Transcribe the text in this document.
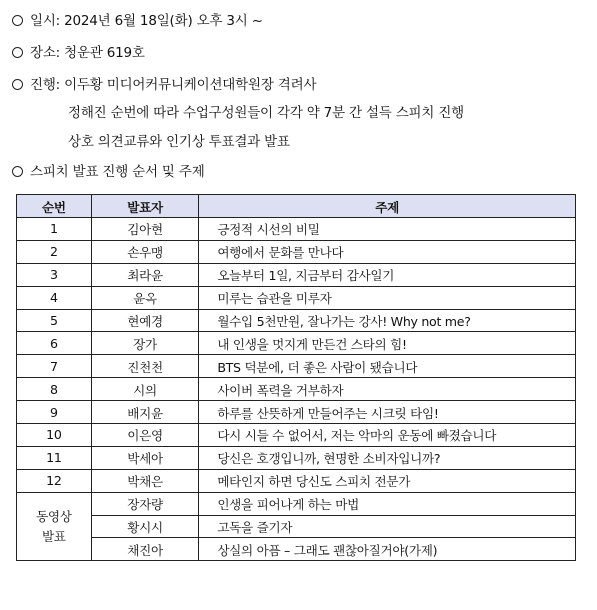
일시: 2024년 6월 18일(화) 오후 3시 ~
장소: 청운관 619호
진행: 이두황 미디어커뮤니케이션대학원장 격려사
정해진 순번에 따라 수업구성원들이 각각 약 7분 간 설득 스피치 진행
상호 의견교류와 인기상 투표결과 발표
스피치 발표 진행 순서 및 주제
순번	발표자	주제
1	김아현	긍정적 시선의 비밀
2	손우맹	여행에서 문화를 만나다
3	최라윤	오늘부터 1일, 지금부터 감사일기
4	윤옥	미루는 습관을 미루자
5	현예경	월수입 5천만원, 잘나가는 강사! Why not me?
6	장가	내 인생을 멋지게 만든건 스타의 힘!
7	진천천	BTS 덕분에, 더 좋은 사람이 됐습니다
8	시의	사이버 폭력을 거부하자
9	배지윤	하루를 산뜻하게 만들어주는 시크릿 타임!
10	이은영	다시 시들 수 없어서, 저는 악마의 운동에 빠졌습니다
11	박세아	당신은 호갱입니까, 현명한 소비자입니까?
12	박채은	메타인지 하면 당신도 스피치 전문가

동영상
발표	장자량	인생을 피어나게 하는 마법
	황시시	고독을 즐기자
	채진아	상실의 아픔 – 그래도 괜찮아질거야(가제)
